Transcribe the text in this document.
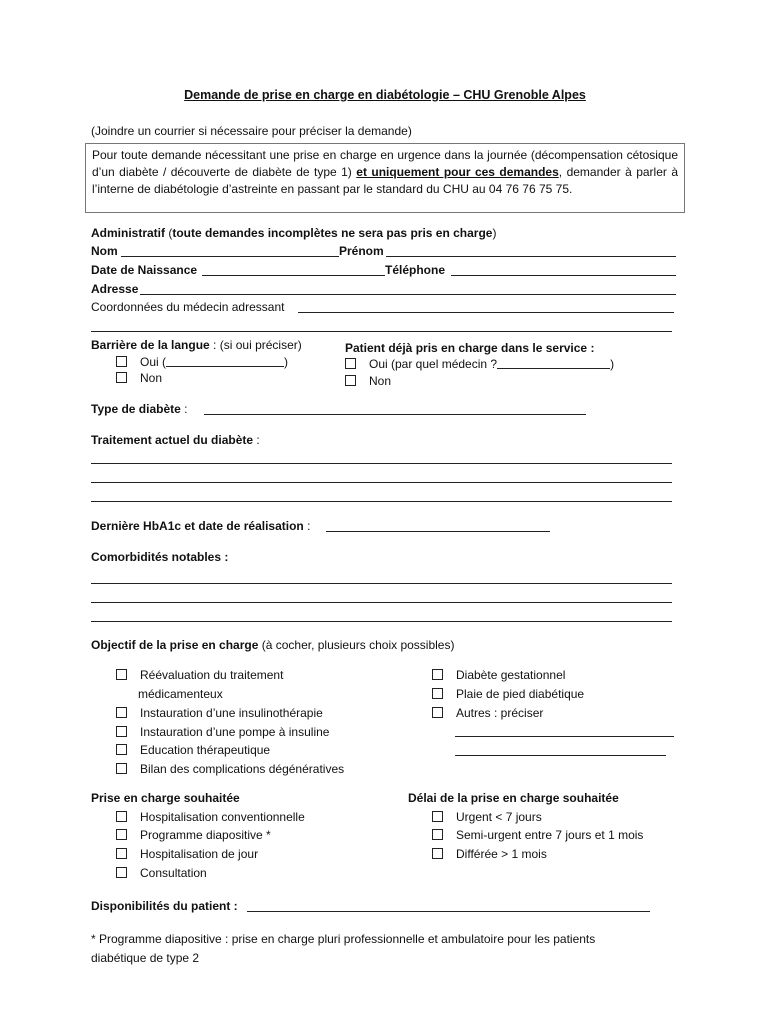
Demande de prise en charge en diabétologie – CHU Grenoble Alpes
(Joindre un courrier si nécessaire pour préciser la demande)

Pour toute demande nécessitant une prise en charge en urgence dans la journée (décompensation cétosique d’un diabète / découverte de diabète de type 1) et uniquement pour ces demandes, demander à parler à l’interne de diabétologie d’astreinte en passant par le standard du CHU au 04 76 76 75 75.

Administratif (toute demandes incomplètes ne sera pas pris en charge)
Nom	Prénom
Date de Naissance	Téléphone
Adresse
Coordonnées du médecin adressant
Barrière de la langue : (si oui préciser)
Oui (	)
Non
Patient déjà pris en charge dans le service :
Oui (par quel médecin ?	)
Non
Type de diabète :
Traitement actuel du diabète :
Dernière HbA1c et date de réalisation :
Comorbidités notables :
Objectif de la prise en charge (à cocher, plusieurs choix possibles)
Réévaluation du traitement
médicamenteux
Instauration d’une insulinothérapie
Instauration d’une pompe à insuline
Education thérapeutique
Bilan des complications dégénératives
Diabète gestationnel
Plaie de pied diabétique
Autres : préciser
Prise en charge souhaitée
Hospitalisation conventionnelle
Programme diapositive *
Hospitalisation de jour
Consultation
Délai de la prise en charge souhaitée
Urgent < 7 jours
Semi-urgent entre 7 jours et 1 mois
Différée > 1 mois
Disponibilités du patient :
* Programme diapositive : prise en charge pluri professionnelle et ambulatoire pour les patients
diabétique de type 2
